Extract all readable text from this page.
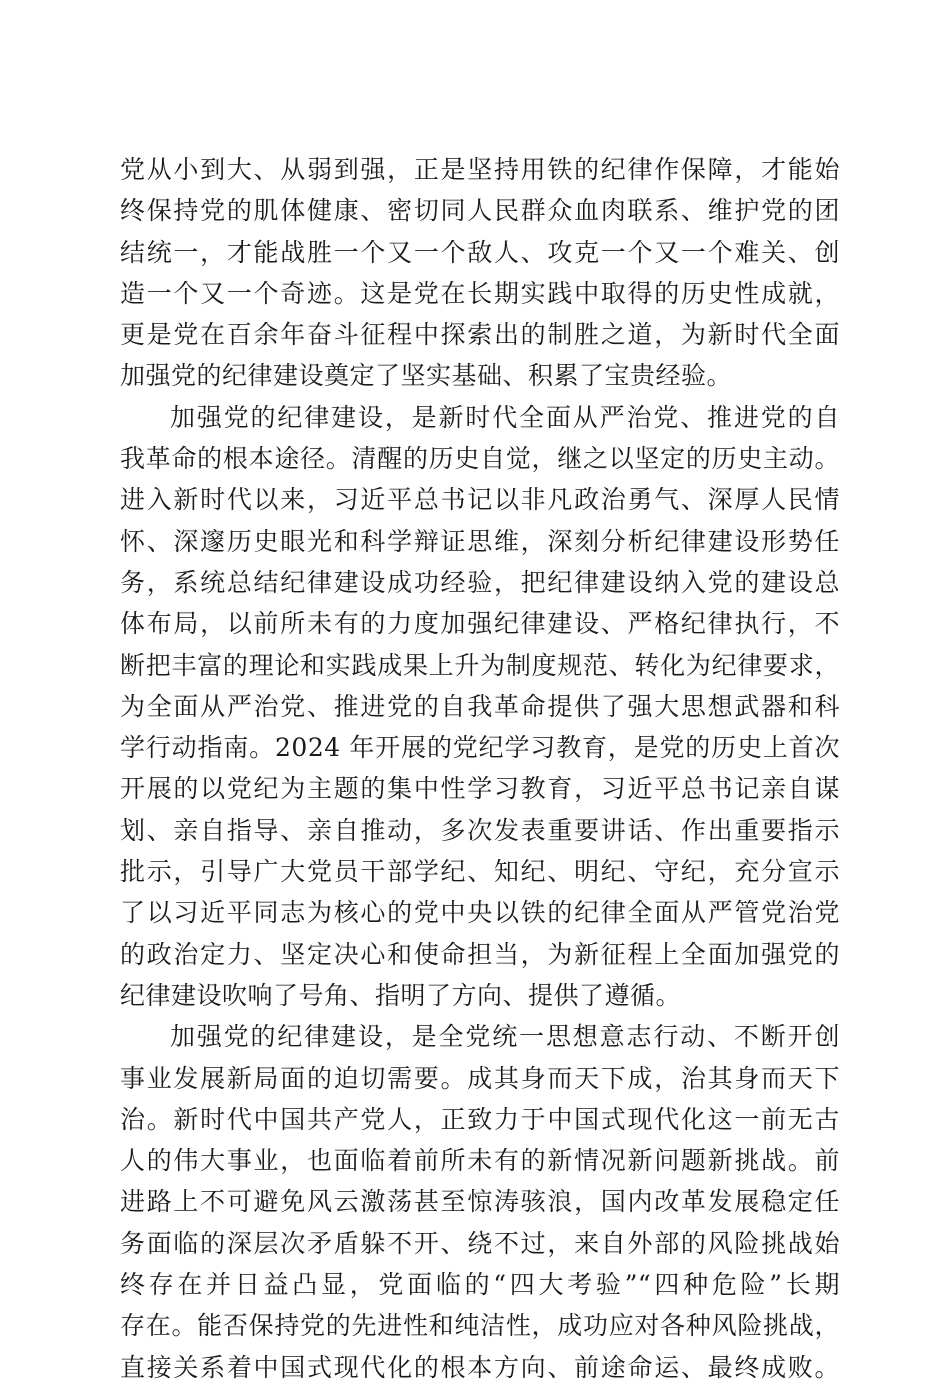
党从小到大、从弱到强，正是坚持用铁的纪律作保障，才能始
终保持党的肌体健康、密切同人民群众血肉联系、维护党的团
结统一，才能战胜一个又一个敌人、攻克一个又一个难关、创
造一个又一个奇迹。这是党在长期实践中取得的历史性成就，
更是党在百余年奋斗征程中探索出的制胜之道，为新时代全面
加强党的纪律建设奠定了坚实基础、积累了宝贵经验。
加强党的纪律建设，是新时代全面从严治党、推进党的自
我革命的根本途径。清醒的历史自觉，继之以坚定的历史主动。
进入新时代以来，习近平总书记以非凡政治勇气、深厚人民情
怀、深邃历史眼光和科学辩证思维，深刻分析纪律建设形势任
务，系统总结纪律建设成功经验，把纪律建设纳入党的建设总
体布局，以前所未有的力度加强纪律建设、严格纪律执行，不
断把丰富的理论和实践成果上升为制度规范、转化为纪律要求，
为全面从严治党、推进党的自我革命提供了强大思想武器和科
学行动指南。2024 年开展的党纪学习教育，是党的历史上首次
开展的以党纪为主题的集中性学习教育，习近平总书记亲自谋
划、亲自指导、亲自推动，多次发表重要讲话、作出重要指示
批示，引导广大党员干部学纪、知纪、明纪、守纪，充分宣示
了以习近平同志为核心的党中央以铁的纪律全面从严管党治党
的政治定力、坚定决心和使命担当，为新征程上全面加强党的
纪律建设吹响了号角、指明了方向、提供了遵循。
加强党的纪律建设，是全党统一思想意志行动、不断开创
事业发展新局面的迫切需要。成其身而天下成，治其身而天下
治。新时代中国共产党人，正致力于中国式现代化这一前无古
人的伟大事业，也面临着前所未有的新情况新问题新挑战。前
进路上不可避免风云激荡甚至惊涛骇浪，国内改革发展稳定任
务面临的深层次矛盾躲不开、绕不过，来自外部的风险挑战始
终存在并日益凸显，党面临的“四大考验”“四种危险”长期
存在。能否保持党的先进性和纯洁性，成功应对各种风险挑战，
直接关系着中国式现代化的根本方向、前途命运、最终成败。
